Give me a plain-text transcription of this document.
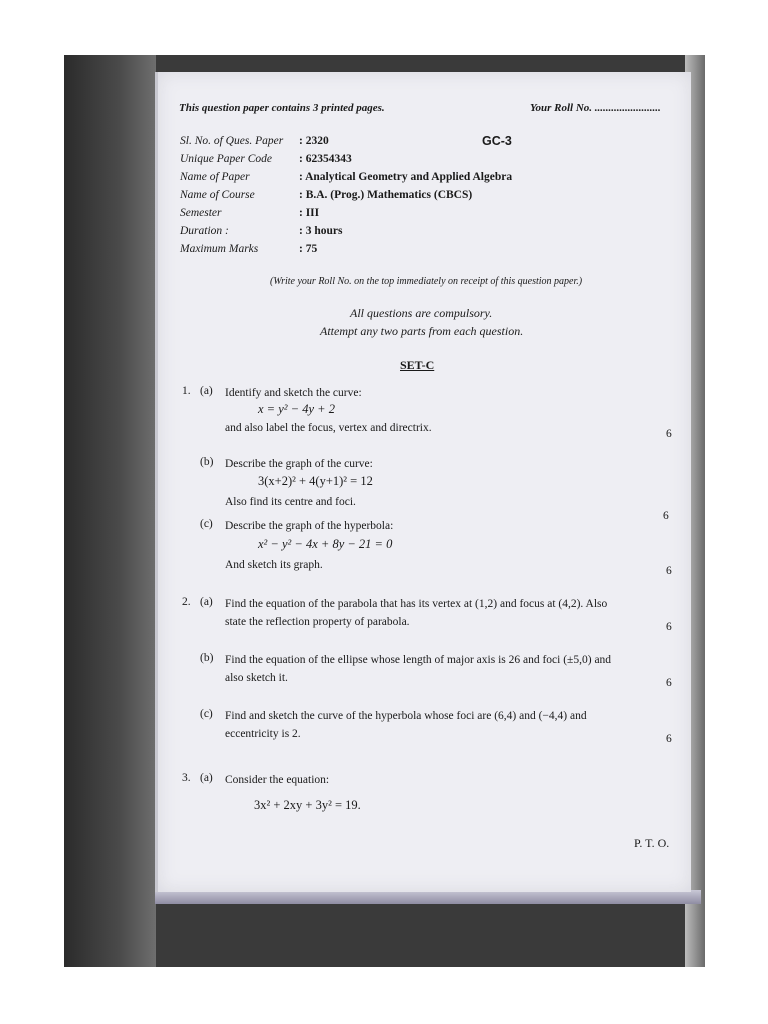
This question paper contains 3 printed pages.	Your Roll No. ........................
Sl. No. of Ques. Paper : 2320	GC-3
Unique Paper Code : 62354343
Name of Paper	: Analytical Geometry and Applied Algebra
Name of Course	: B.A. (Prog.) Mathematics (CBCS)
Semester	: III
Duration :	: 3 hours
Maximum Marks	: 75
(Write your Roll No. on the top immediately on receipt of this question paper.)
All questions are compulsory.
Attempt any two parts from each question.
SET-C
1. (a) Identify and sketch the curve:
x = y² − 4y + 2
and also label the focus, vertex and directrix.	6
(b) Describe the graph of the curve:
3(x+2)² + 4(y+1)² = 12
Also find its centre and foci.
6
(c) Describe the graph of the hyperbola:
x² − y² − 4x + 8y − 21 = 0
And sketch its graph.	6
2. (a) Find the equation of the parabola that has its vertex at (1,2) and focus at (4,2). Also
state the reflection property of parabola.	6
(b) Find the equation of the ellipse whose length of major axis is 26 and foci (±5,0) and
also sketch it.	6
(c) Find and sketch the curve of the hyperbola whose foci are (6,4) and (−4,4) and
eccentricity is 2.	6
3. (a) Consider the equation:
3x² + 2xy + 3y² = 19.
P. T. O.
